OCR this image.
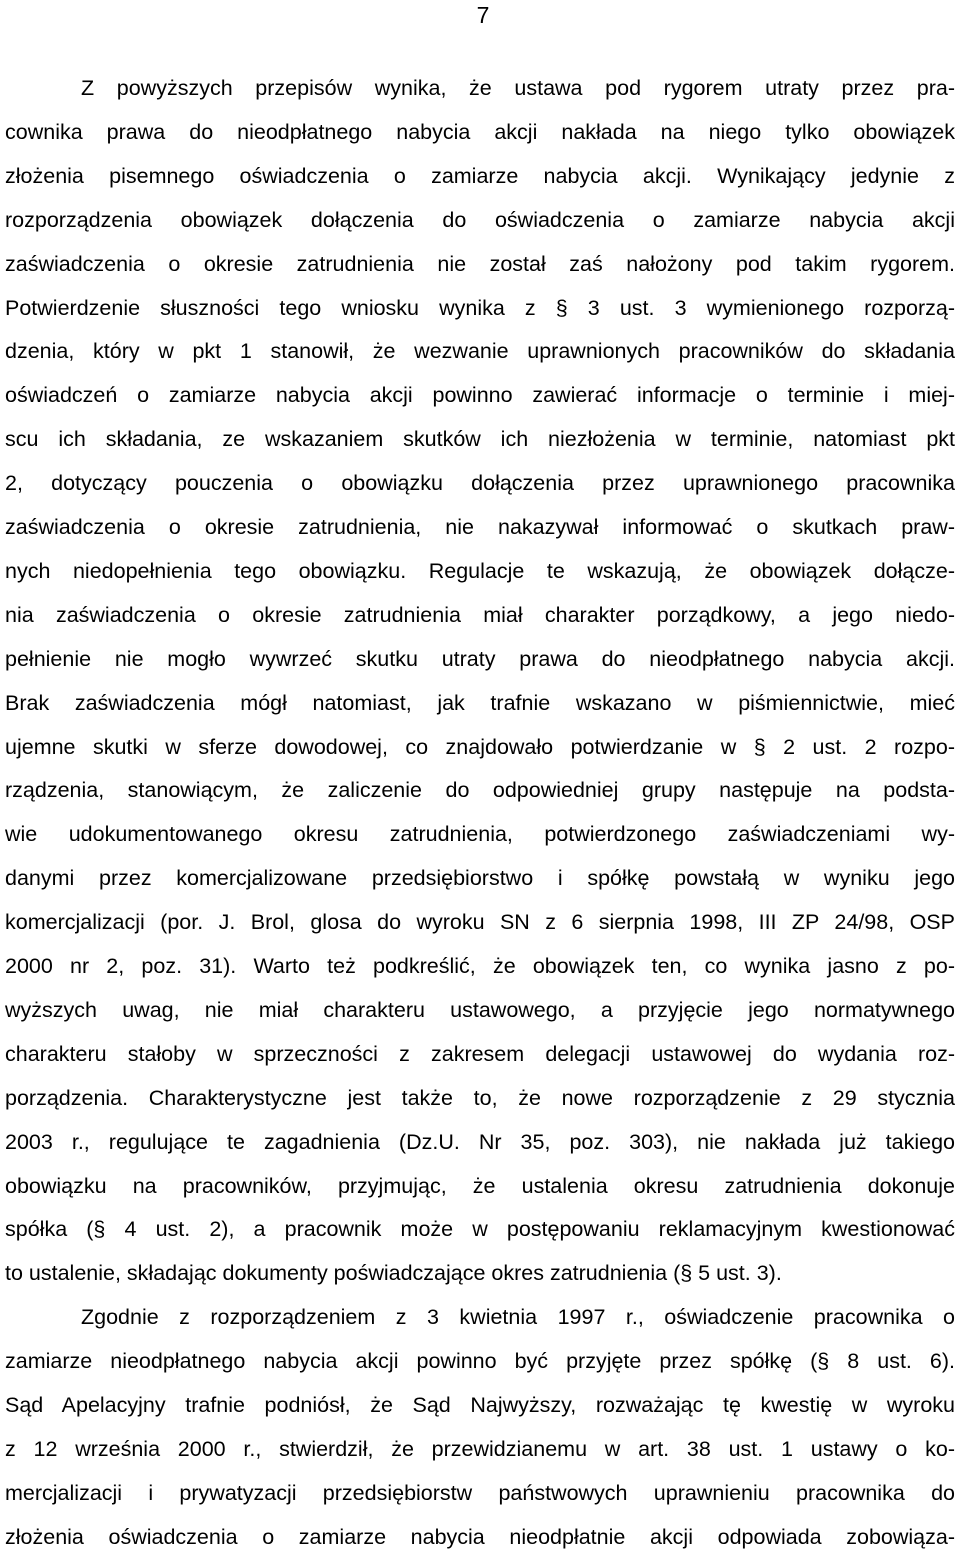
7

Z powyższych przepisów wynika, że ustawa pod rygorem utraty przez pra-

cownika prawa do nieodpłatnego nabycia akcji nakłada na niego tylko obowiązek

złożenia pisemnego oświadczenia o zamiarze nabycia akcji. Wynikający jedynie z

rozporządzenia obowiązek dołączenia do oświadczenia o zamiarze nabycia akcji

zaświadczenia o okresie zatrudnienia nie został zaś nałożony pod takim rygorem.

Potwierdzenie słuszności tego wniosku wynika z § 3 ust. 3 wymienionego rozporzą-

dzenia, który w pkt 1 stanowił, że wezwanie uprawnionych pracowników do składania

oświadczeń o zamiarze nabycia akcji powinno zawierać informacje o terminie i miej-

scu ich składania, ze wskazaniem skutków ich niezłożenia w terminie, natomiast pkt

2, dotyczący pouczenia o obowiązku dołączenia przez uprawnionego pracownika

zaświadczenia o okresie zatrudnienia, nie nakazywał informować o skutkach praw-

nych niedopełnienia tego obowiązku. Regulacje te wskazują, że obowiązek dołącze-

nia zaświadczenia o okresie zatrudnienia miał charakter porządkowy, a jego niedo-

pełnienie nie mogło wywrzeć skutku utraty prawa do nieodpłatnego nabycia akcji.

Brak zaświadczenia mógł natomiast, jak trafnie wskazano w piśmiennictwie, mieć

ujemne skutki w sferze dowodowej, co znajdowało potwierdzanie w § 2 ust. 2 rozpo-

rządzenia, stanowiącym, że zaliczenie do odpowiedniej grupy następuje na podsta-

wie udokumentowanego okresu zatrudnienia, potwierdzonego zaświadczeniami wy-

danymi przez komercjalizowane przedsiębiorstwo i spółkę powstałą w wyniku jego

komercjalizacji (por. J. Brol, glosa do wyroku SN z 6 sierpnia 1998, III ZP 24/98, OSP

2000 nr 2, poz. 31). Warto też podkreślić, że obowiązek ten, co wynika jasno z po-

wyższych uwag, nie miał charakteru ustawowego, a przyjęcie jego normatywnego

charakteru stałoby w sprzeczności z zakresem delegacji ustawowej do wydania roz-

porządzenia. Charakterystyczne jest także to, że nowe rozporządzenie z 29 stycznia

2003 r., regulujące te zagadnienia (Dz.U. Nr 35, poz. 303), nie nakłada już takiego

obowiązku na pracowników, przyjmując, że ustalenia okresu zatrudnienia dokonuje

spółka (§ 4 ust. 2), a pracownik może w postępowaniu reklamacyjnym kwestionować

to ustalenie, składając dokumenty poświadczające okres zatrudnienia (§ 5 ust. 3).

Zgodnie z rozporządzeniem z 3 kwietnia 1997 r., oświadczenie pracownika o

zamiarze nieodpłatnego nabycia akcji powinno być przyjęte przez spółkę (§ 8 ust. 6).

Sąd Apelacyjny trafnie podniósł, że Sąd Najwyższy, rozważając tę kwestię w wyroku

z 12 września 2000 r., stwierdził, że przewidzianemu w art. 38 ust. 1 ustawy o ko-

mercjalizacji i prywatyzacji przedsiębiorstw państwowych uprawnieniu pracownika do

złożenia oświadczenia o zamiarze nabycia nieodpłatnie akcji odpowiada zobowiąza-
